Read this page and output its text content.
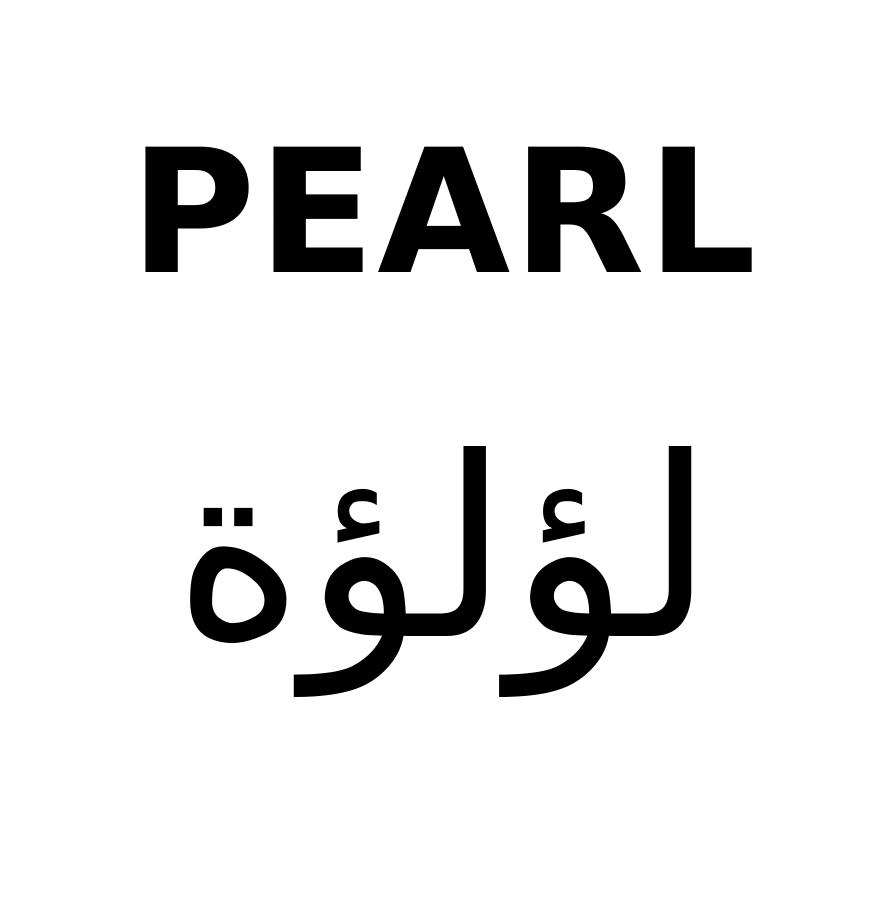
PEARL
لؤلؤة
